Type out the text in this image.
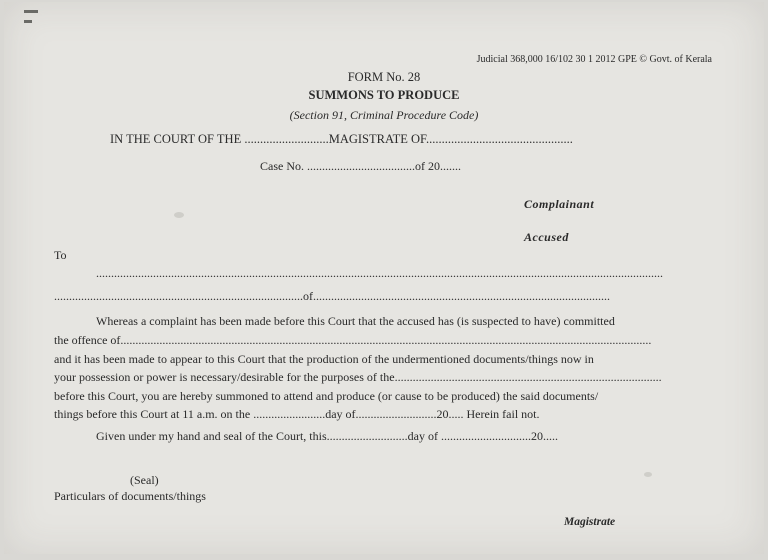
Judicial 368,000 16/102 30 1 2012 GPE © Govt. of Kerala
FORM No. 28
SUMMONS TO PRODUCE
(Section 91, Criminal Procedure Code)
IN THE COURT OF THE ...........................MAGISTRATE OF...............................................
Case No. ....................................of 20.......
Complainant
Accused
To
.............................................................................................................................................................................................
...................................................................................of...................................................................................................
Whereas a complaint has been made before this Court that the accused has (is suspected to have) committed
the offence of.................................................................................................................................................................................
and it has been made to appear to this Court that the production of the undermentioned documents/things now in
your possession or power is necessary/desirable for the purposes of the.........................................................................................
before this Court, you are hereby summoned to attend and produce (or cause to be produced) the said documents/
things before this Court at 11 a.m. on the ........................day of...........................20..... Herein fail not.
Given under my hand and seal of the Court, this...........................day of ..............................20.....
(Seal)
Particulars of documents/things
Magistrate
